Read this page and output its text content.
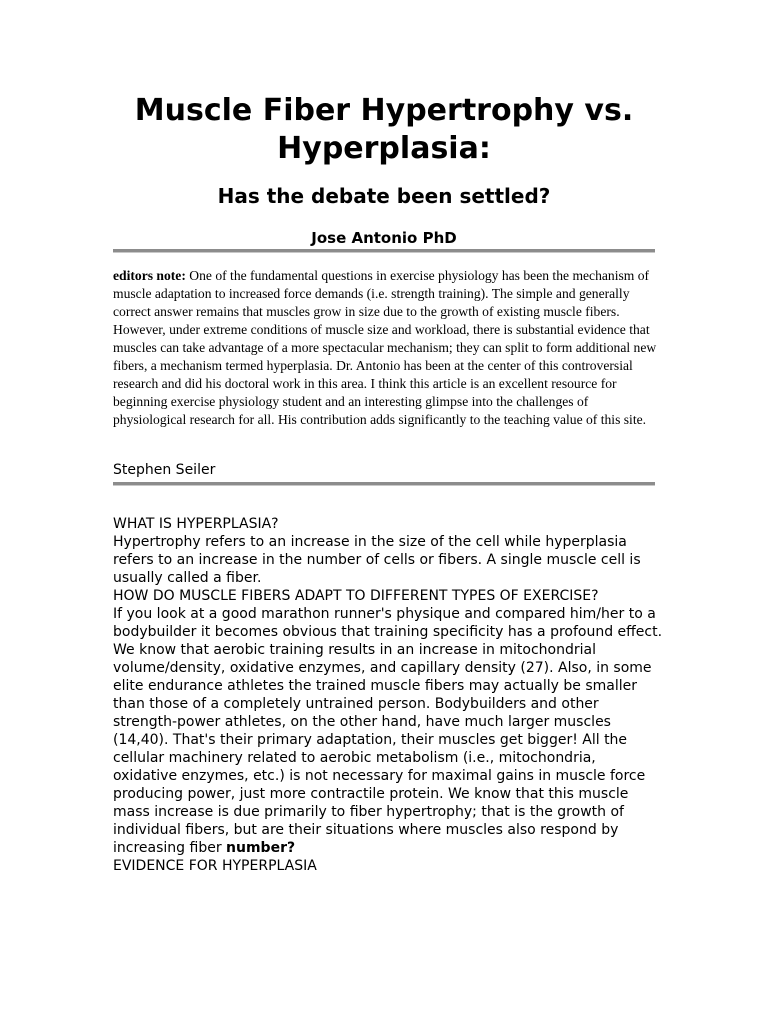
Muscle Fiber Hypertrophy vs. Hyperplasia:
Has the debate been settled?
Jose Antonio PhD

editors note: One of the fundamental questions in exercise physiology has been the mechanism of muscle adaptation to increased force demands (i.e. strength training). The simple and generally correct answer remains that muscles grow in size due to the growth of existing muscle fibers. However, under extreme conditions of muscle size and workload, there is substantial evidence that muscles can take advantage of a more spectacular mechanism; they can split to form additional new fibers, a mechanism termed hyperplasia. Dr. Antonio has been at the center of this controversial research and did his doctoral work in this area. I think this article is an excellent resource for beginning exercise physiology student and an interesting glimpse into the challenges of physiological research for all. His contribution adds significantly to the teaching value of this site.

Stephen Seiler

WHAT IS HYPERPLASIA?

Hypertrophy refers to an increase in the size of the cell while hyperplasia refers to an increase in the number of cells or fibers. A single muscle cell is usually called a fiber.

HOW DO MUSCLE FIBERS ADAPT TO DIFFERENT TYPES OF EXERCISE?

If you look at a good marathon runner's physique and compared him/her to a bodybuilder it becomes obvious that training specificity has a profound effect. We know that aerobic training results in an increase in mitochondrial volume/density, oxidative enzymes, and capillary density (27). Also, in some elite endurance athletes the trained muscle fibers may actually be smaller than those of a completely untrained person. Bodybuilders and other strength-power athletes, on the other hand, have much larger muscles (14,40). That's their primary adaptation, their muscles get bigger! All the cellular machinery related to aerobic metabolism (i.e., mitochondria, oxidative enzymes, etc.) is not necessary for maximal gains in muscle force producing power, just more contractile protein. We know that this muscle mass increase is due primarily to fiber hypertrophy; that is the growth of individual fibers, but are their situations where muscles also respond by increasing fiber number?

EVIDENCE FOR HYPERPLASIA
